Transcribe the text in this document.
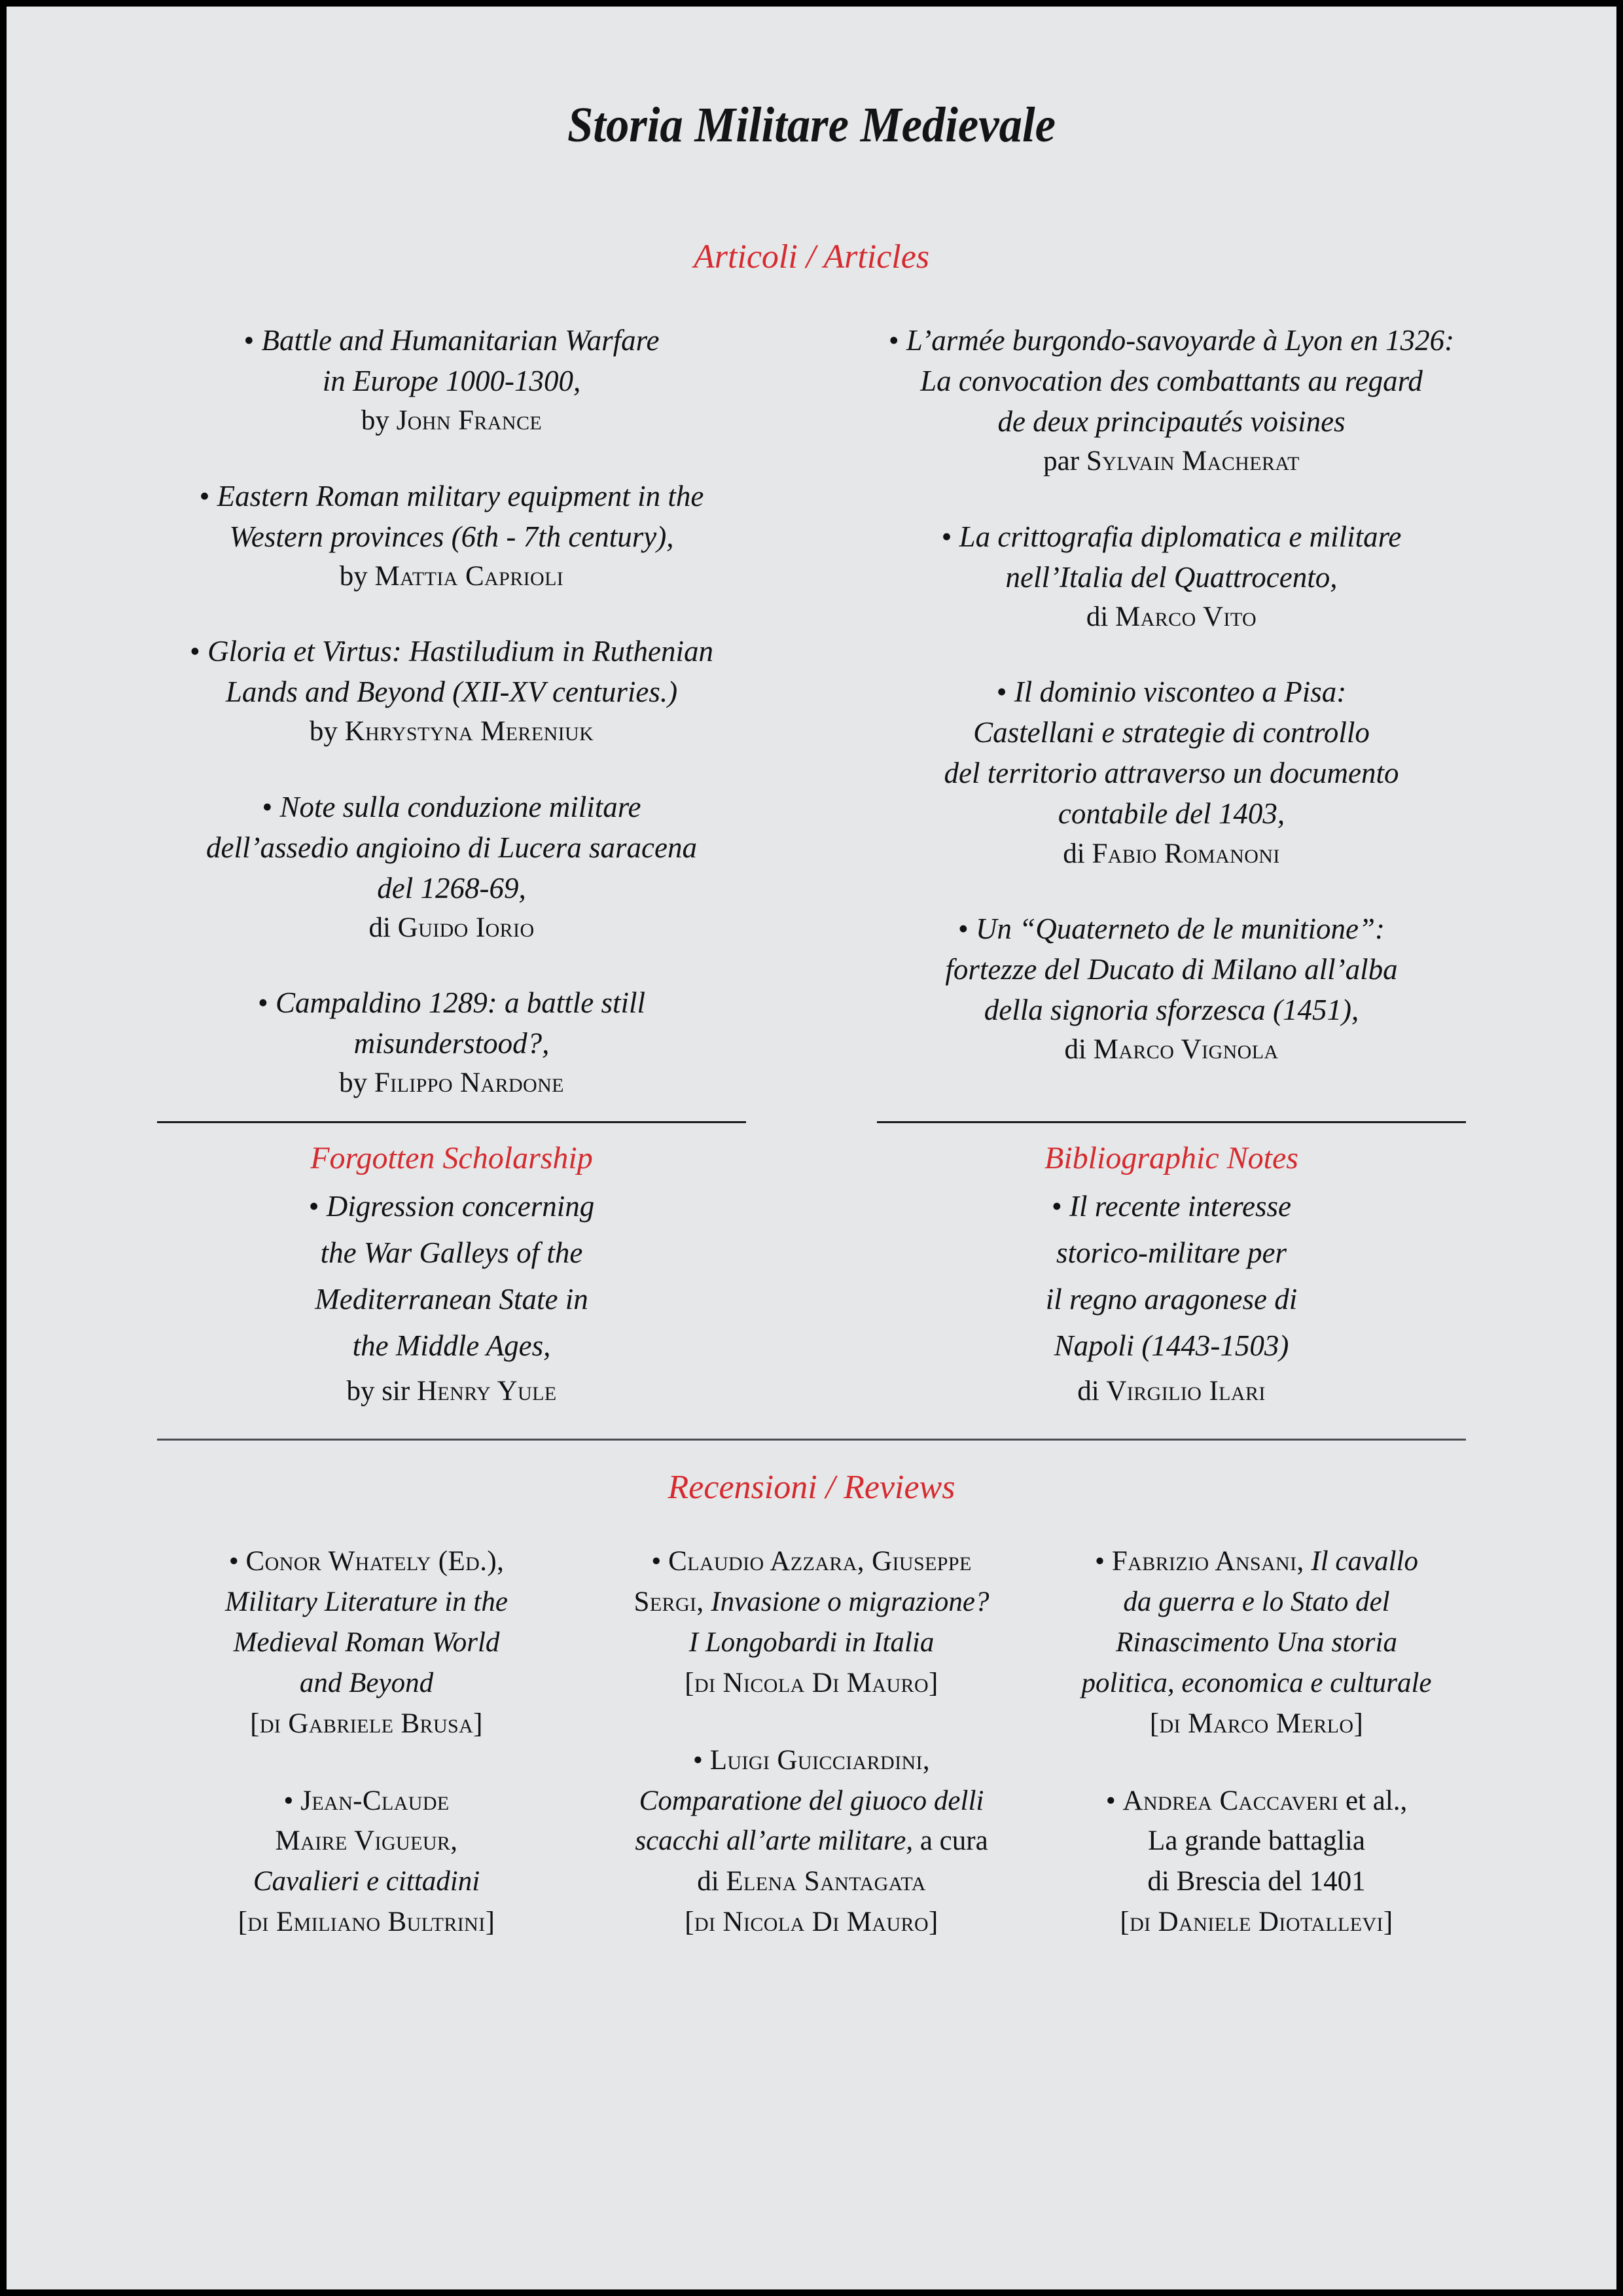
Storia Militare Medievale
Articoli / Articles
• Battle and Humanitarian Warfare
in Europe 1000-1300,
by John France
• Eastern Roman military equipment in the
Western provinces (6th - 7th century),
by Mattia Caprioli
• Gloria et Virtus: Hastiludium in Ruthenian
Lands and Beyond (XII-XV centuries.)
by Khrystyna Mereniuk
• Note sulla conduzione militare
dell’assedio angioino di Lucera saracena
del 1268-69,
di Guido Iorio
• Campaldino 1289: a battle still
misunderstood?,
by Filippo Nardone
• L’armée burgondo-savoyarde à Lyon en 1326:
La convocation des combattants au regard
de deux principautés voisines
par Sylvain Macherat
• La crittografia diplomatica e militare
nell’Italia del Quattrocento,
di Marco Vito
• Il dominio visconteo a Pisa:
Castellani e strategie di controllo
del territorio attraverso un documento
contabile del 1403,
di Fabio Romanoni
• Un “Quaterneto de le munitione”:
fortezze del Ducato di Milano all’alba
della signoria sforzesca (1451),
di Marco Vignola
Forgotten Scholarship
• Digression concerning
the War Galleys of the
Mediterranean State in
the Middle Ages,
by sir Henry Yule
Bibliographic Notes
• Il recente interesse
storico-militare per
il regno aragonese di
Napoli (1443-1503)
di Virgilio Ilari
Recensioni / Reviews
• Conor Whately (Ed.),
Military Literature in the
Medieval Roman World
and Beyond
[di Gabriele Brusa]
• Jean-Claude
Maire Vigueur,
Cavalieri e cittadini
[di Emiliano Bultrini]
• Claudio Azzara, Giuseppe
Sergi, Invasione o migrazione?
I Longobardi in Italia
[di Nicola Di Mauro]
• Luigi Guicciardini,
Comparatione del giuoco delli
scacchi all’arte militare, a cura
di Elena Santagata
[di Nicola Di Mauro]
• Fabrizio Ansani, Il cavallo
da guerra e lo Stato del
Rinascimento Una storia
politica, economica e culturale
[di Marco Merlo]
• Andrea Caccaveri et al.,
La grande battaglia
di Brescia del 1401
[di Daniele Diotallevi]
